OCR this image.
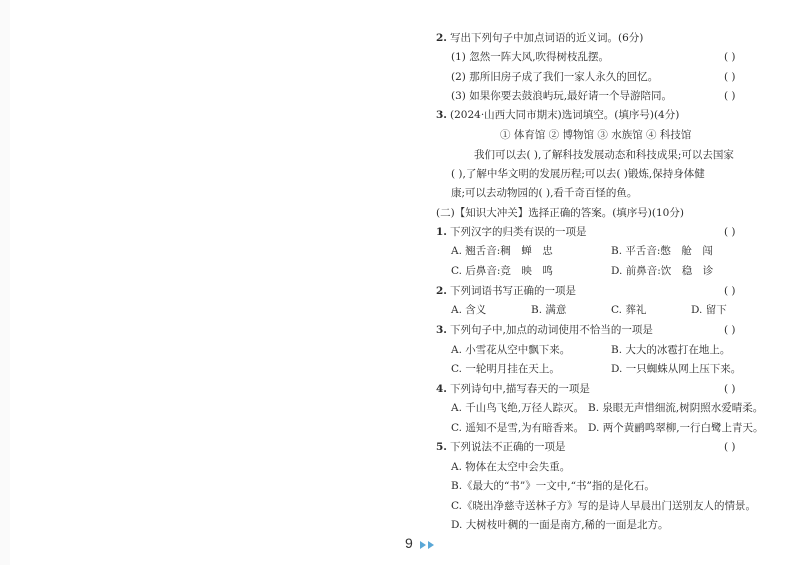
2. 写出下列句子中加点词语的近义词。(6分)
(1) 忽然一阵大风,吹得树枝乱摆。	( )
(2) 那所旧房子成了我们一家人永久的回忆。	( )
(3) 如果你要去鼓浪屿玩,最好请一个导游陪同。	( )
3. (2024·山西大同市期末)选词填空。(填序号)(4分)
① 体育馆 ② 博物馆 ③ 水族馆 ④ 科技馆
我们可以去( ),了解科技发展动态和科技成果;可以去国家
( ),了解中华文明的发展历程;可以去( )锻炼,保持身体健
康;可以去动物园的( ),看千奇百怪的鱼。
(二)【知识大冲关】选择正确的答案。(填序号)(10分)
1. 下列汉字的归类有误的一项是	( )
A. 翘舌音:稠　蝉　忠	B. 平舌音:憋　舱　闯
C. 后鼻音:竞　映　鸣	D. 前鼻音:饮　稳　诊
2. 下列词语书写正确的一项是	( )
A. 含义	B. 满意	C. 葬礼	D. 留下
3. 下列句子中,加点的动词使用不恰当的一项是	( )
A. 小雪花从空中飘下来。	B. 大大的冰雹打在地上。
C. 一轮明月挂在天上。	D. 一只蜘蛛从网上压下来。
4. 下列诗句中,描写春天的一项是	( )
A. 千山鸟飞绝,万径人踪灭。 B. 泉眼无声惜细流,树阴照水爱晴柔。
C. 遥知不是雪,为有暗香来。 D. 两个黄鹂鸣翠柳,一行白鹭上青天。
5. 下列说法不正确的一项是	( )
A. 物体在太空中会失重。
B.《最大的“书”》一文中,“书”指的是化石。
C.《晓出净慈寺送林子方》写的是诗人早晨出门送别友人的情景。
D. 大树枝叶稠的一面是南方,稀的一面是北方。
9
